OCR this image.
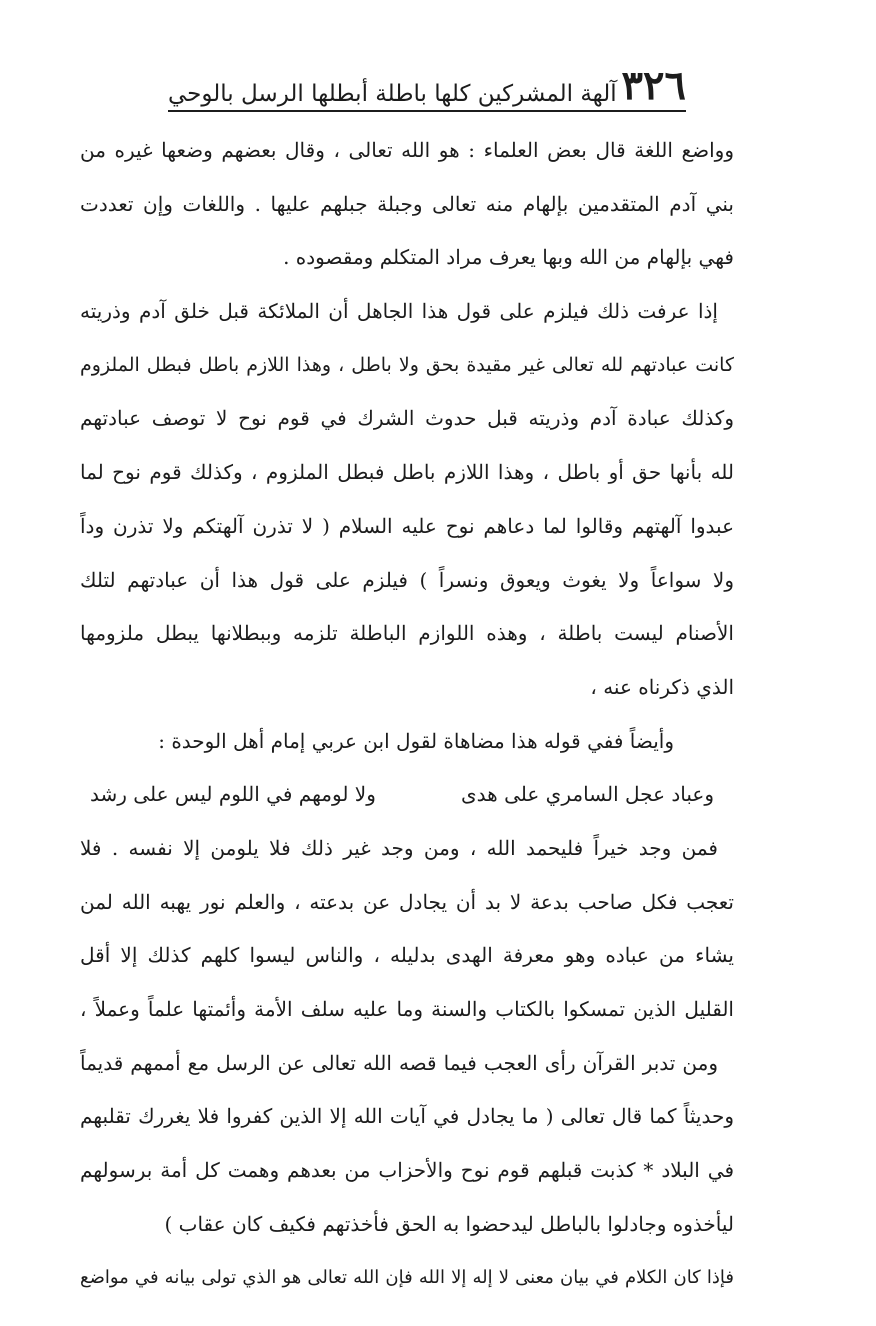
٣٢٦
آلهة المشركين كلها باطلة أبطلها الرسل بالوحي
وواضع اللغة قال بعض العلماء : هو الله تعالى ، وقال بعضهم وضعها غيره من
بني آدم المتقدمين بإلهام منه تعالى وجبلة جبلهم عليها . واللغات وإن تعددت
فهي بإلهام من الله وبها يعرف مراد المتكلم ومقصوده .
إذا عرفت ذلك فيلزم على قول هذا الجاهل أن الملائكة قبل خلق آدم وذريته
كانت عبادتهم لله تعالى غير مقيدة بحق ولا باطل ، وهذا اللازم باطل فبطل الملزوم
وكذلك عبادة آدم وذريته قبل حدوث الشرك في قوم نوح لا توصف عبادتهم
لله بأنها حق أو باطل ، وهذا اللازم باطل فبطل الملزوم ، وكذلك قوم نوح لما
عبدوا آلهتهم وقالوا لما دعاهم نوح عليه السلام ( لا تذرن آلهتكم ولا تذرن وداً
ولا سواعاً ولا يغوث ويعوق ونسراً ) فيلزم على قول هذا أن عبادتهم لتلك
الأصنام ليست باطلة ، وهذه اللوازم الباطلة تلزمه وببطلانها يبطل ملزومها
الذي ذكرناه عنه ،
وأيضاً ففي قوله هذا مضاهاة لقول ابن عربي إمام أهل الوحدة :
وعباد عجل السامري على هدى
ولا لومهم في اللوم ليس على رشد
فمن وجد خيراً فليحمد الله ، ومن وجد غير ذلك فلا يلومن إلا نفسه . فلا
تعجب فكل صاحب بدعة لا بد أن يجادل عن بدعته ، والعلم نور يهبه الله لمن
يشاء من عباده وهو معرفة الهدى بدليله ، والناس ليسوا كلهم كذلك إلا أقل
القليل الذين تمسكوا بالكتاب والسنة وما عليه سلف الأمة وأئمتها علماً وعملاً ،
ومن تدبر القرآن رأى العجب فيما قصه الله تعالى عن الرسل مع أممهم قديماً
وحديثاً كما قال تعالى ( ما يجادل في آيات الله إلا الذين كفروا فلا يغررك تقلبهم
في البلاد * كذبت قبلهم قوم نوح والأحزاب من بعدهم وهمت كل أمة برسولهم
ليأخذوه وجادلوا بالباطل ليدحضوا به الحق فأخذتهم فكيف كان عقاب )
فإذا كان الكلام في بيان معنى لا إله إلا الله فإن الله تعالى هو الذي تولى بيانه في مواضع
